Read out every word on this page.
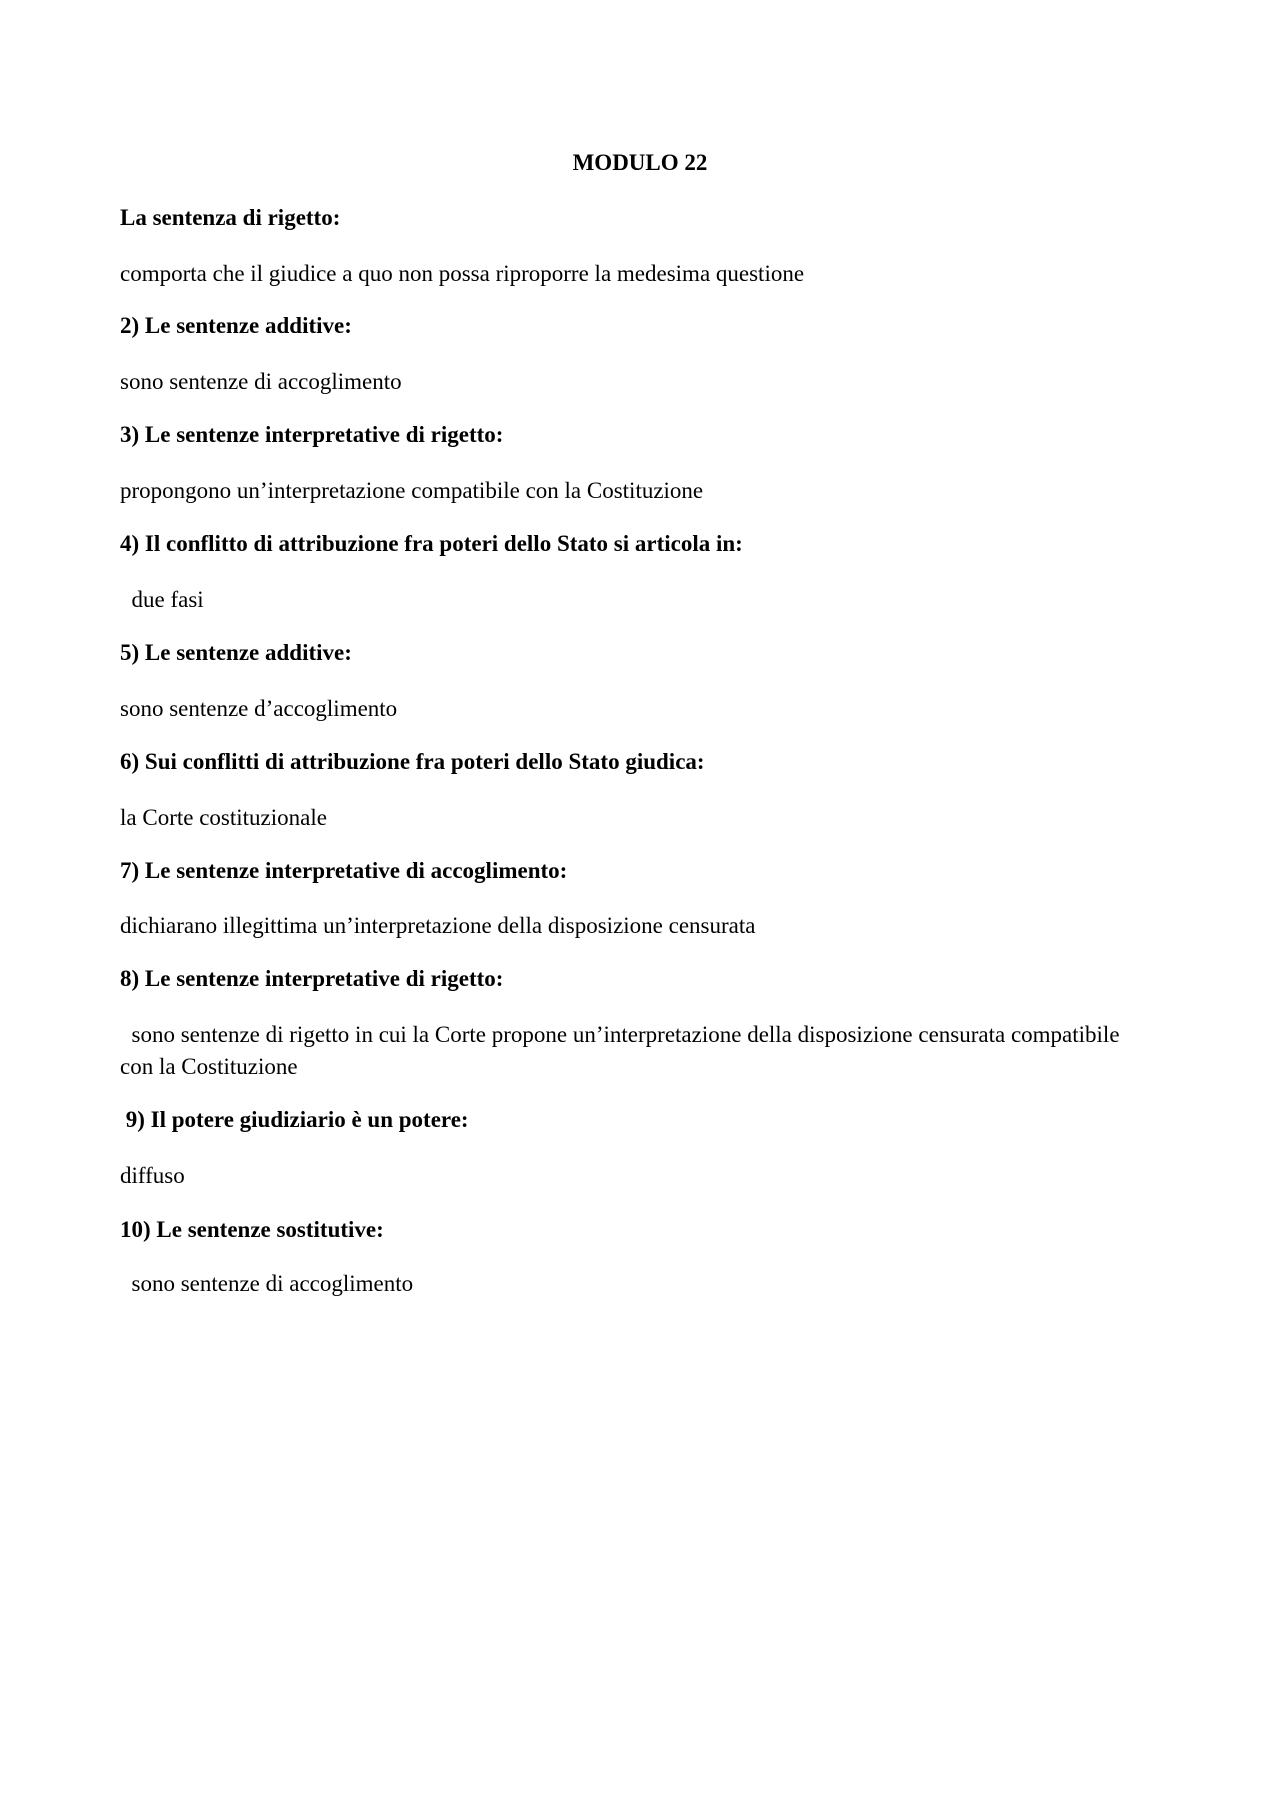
MODULO 22

La sentenza di rigetto:

comporta che il giudice a quo non possa riproporre la medesima questione

2) Le sentenze additive:

sono sentenze di accoglimento

3) Le sentenze interpretative di rigetto:

propongono un’interpretazione compatibile con la Costituzione

4) Il conflitto di attribuzione fra poteri dello Stato si articola in:

due fasi

5) Le sentenze additive:

sono sentenze d’accoglimento

6) Sui conflitti di attribuzione fra poteri dello Stato giudica:

la Corte costituzionale

7) Le sentenze interpretative di accoglimento:

dichiarano illegittima un’interpretazione della disposizione censurata

8) Le sentenze interpretative di rigetto:

sono sentenze di rigetto in cui la Corte propone un’interpretazione della disposizione censurata compatibile con la Costituzione

9) Il potere giudiziario è un potere:

diffuso

10) Le sentenze sostitutive:

sono sentenze di accoglimento
